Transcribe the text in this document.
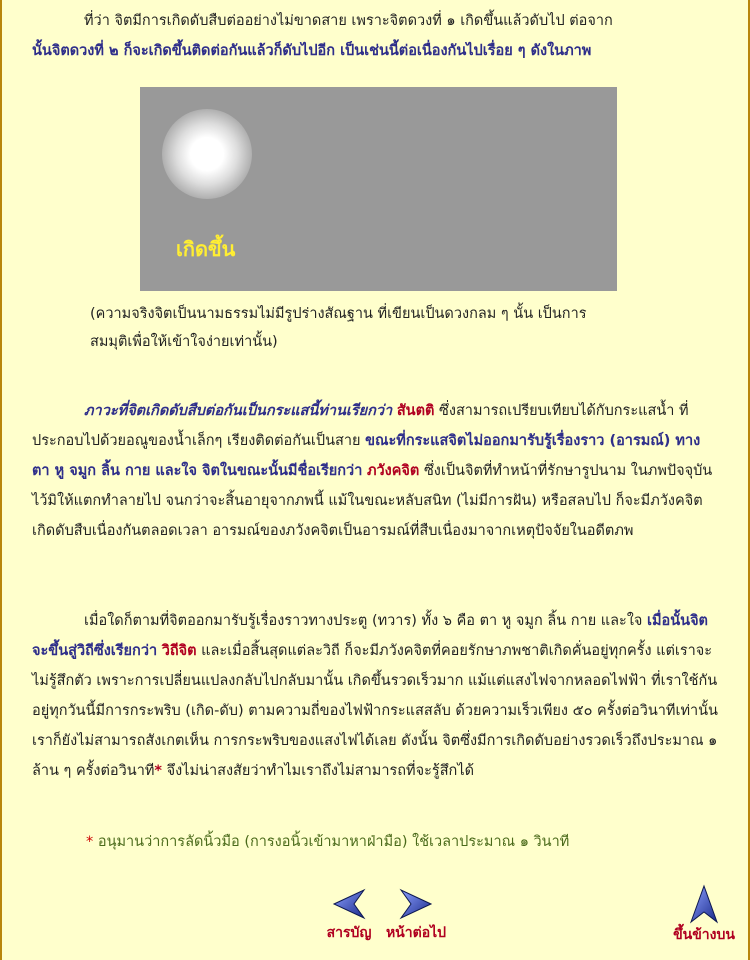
ที่ว่า จิตมีการเกิดดับสืบต่ออย่างไม่ขาดสาย เพราะจิตดวงที่ ๑ เกิดขึ้นแล้วดับไป ต่อจาก
นั้นจิตดวงที่ ๒ ก็จะเกิดขึ้นติดต่อกันแล้วก็ดับไปอีก เป็นเช่นนี้ต่อเนื่องกันไปเรื่อย ๆ ดังในภาพ

เกิดขึ้น

(ความจริงจิตเป็นนามธรรมไม่มีรูปร่างสัณฐาน ที่เขียนเป็นดวงกลม ๆ นั้น เป็นการ
สมมุติเพื่อให้เข้าใจง่ายเท่านั้น)

ภาวะที่จิตเกิดดับสืบต่อกันเป็นกระแสนี้ท่านเรียกว่า สันตติ ซึ่งสามารถเปรียบเทียบได้กับกระแสน้ำ ที่ประกอบไปด้วยอณูของน้ำเล็กๆ เรียงติดต่อกันเป็นสาย ขณะที่กระแสจิตไม่ออกมารับรู้เรื่องราว (อารมณ์) ทาง ตา หู จมูก ลิ้น กาย และใจ จิตในขณะนั้นมีชื่อเรียกว่า ภวังคจิต ซึ่งเป็นจิตที่ทำหน้าที่รักษารูปนาม ในภพปัจจุบันไว้มิให้แตกทำลายไป จนกว่าจะสิ้นอายุจากภพนี้ แม้ในขณะหลับสนิท (ไม่มีการฝัน) หรือสลบไป ก็จะมีภวังคจิต เกิดดับสืบเนื่องกันตลอดเวลา อารมณ์ของภวังคจิตเป็นอารมณ์ที่สืบเนื่องมาจากเหตุปัจจัยในอดีตภพ

เมื่อใดก็ตามที่จิตออกมารับรู้เรื่องราวทางประตู (ทวาร) ทั้ง ๖ คือ ตา หู จมูก ลิ้น กาย และใจ เมื่อนั้นจิตจะขึ้นสู่วิถีซึ่งเรียกว่า วิถีจิต และเมื่อสิ้นสุดแต่ละวิถี ก็จะมีภวังคจิตที่คอยรักษาภพชาติเกิดคั่นอยู่ทุกครั้ง แต่เราจะไม่รู้สึกตัว เพราะการเปลี่ยนแปลงกลับไปกลับมานั้น เกิดขึ้นรวดเร็วมาก แม้แต่แสงไฟจากหลอดไฟฟ้า ที่เราใช้กันอยู่ทุกวันนี้มีการกระพริบ (เกิด-ดับ) ตามความถี่ของไฟฟ้ากระแสสลับ ด้วยความเร็วเพียง ๕๐ ครั้งต่อวินาทีเท่านั้น เราก็ยังไม่สามารถสังเกตเห็น การกระพริบของแสงไฟได้เลย ดังนั้น จิตซึ่งมีการเกิดดับอย่างรวดเร็วถึงประมาณ ๑ ล้าน ๆ ครั้งต่อวินาที* จึงไม่น่าสงสัยว่าทำไมเราถึงไม่สามารถที่จะรู้สึกได้

* อนุมานว่าการลัดนิ้วมือ (การงอนิ้วเข้ามาหาฝ่ามือ) ใช้เวลาประมาณ ๑ วินาที

สารบัญ	หน้าต่อไป	ขึ้นข้างบน
